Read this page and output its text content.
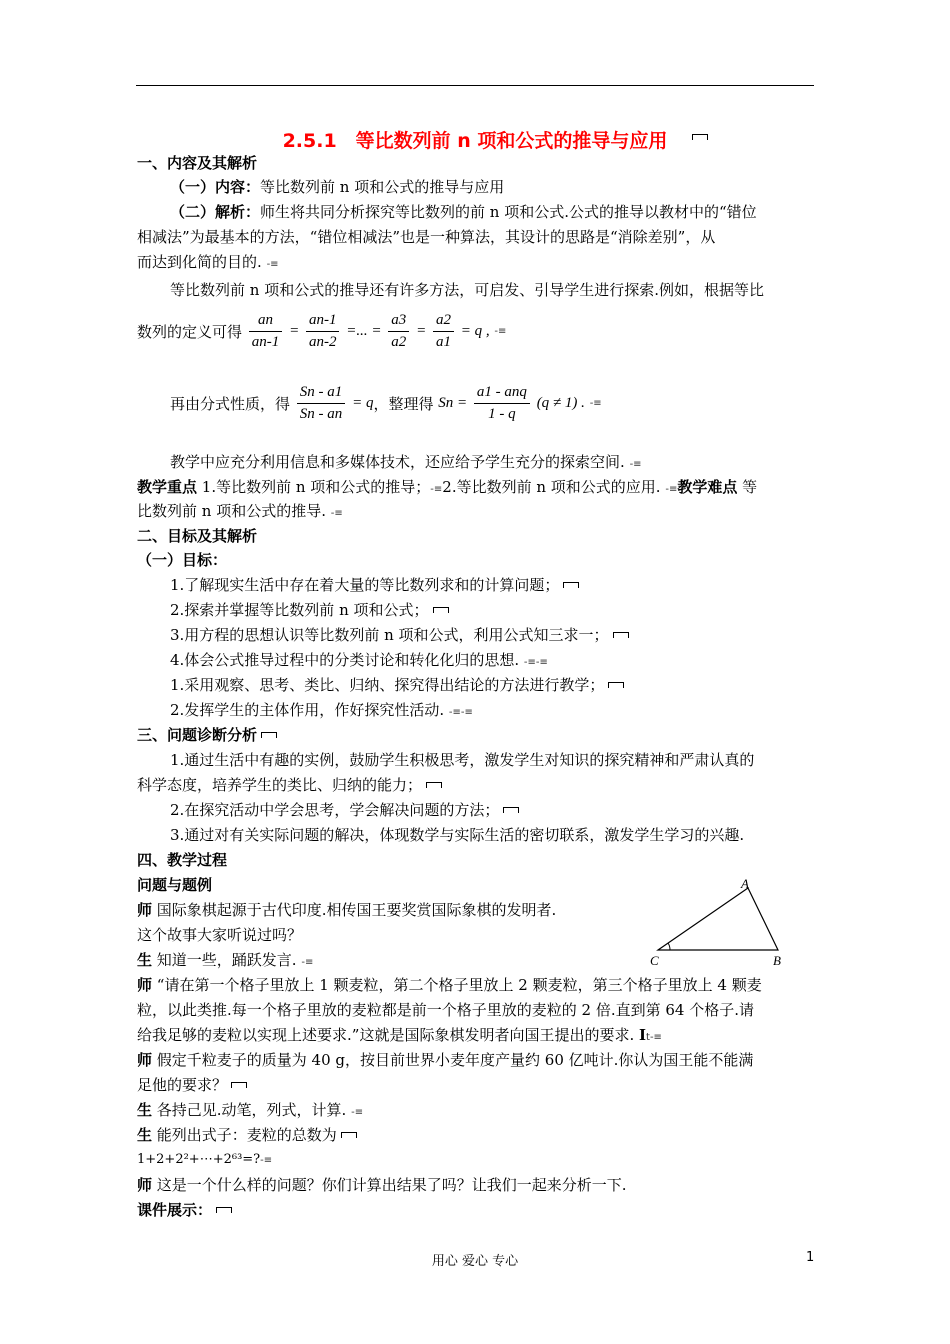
2.5.1　等比数列前 n 项和公式的推导与应用
一、内容及其解析
（一）内容：等比数列前 n 项和公式的推导与应用
（二）解析：师生将共同分析探究等比数列的前 n 项和公式.公式的推导以教材中的“错位
相减法”为最基本的方法，“错位相减法”也是一种算法，其设计的思路是“消除差别”，从
而达到化简的目的. -≡
等比数列前 n 项和公式的推导还有许多方法，可启发、引导学生进行探索.例如，根据等比
数列的定义可得 $\frac{an}{an-1} = \frac{an-1}{an-2}$ =... = $\frac{a3}{a2} = \frac{a2}{a1} = q$ , -≡
再由分式性质，得 $\frac{Sn - a1}{Sn - an} = q$，整理得 $Sn = \frac{\text{a1 - anq}}{1 - q} (q \ne 1)$ . -≡
教学中应充分利用信息和多媒体技术，还应给予学生充分的探索空间. -≡
教学重点 1.等比数列前 n 项和公式的推导；-≡2.等比数列前 n 项和公式的应用. -≡教学难点 等
比数列前 n 项和公式的推导. -≡
二、目标及其解析
（一）目标：
1.了解现实生活中存在着大量的等比数列求和的计算问题；
2.探索并掌握等比数列前 n 项和公式；
3.用方程的思想认识等比数列前 n 项和公式，利用公式知三求一；
4.体会公式推导过程中的分类讨论和转化化归的思想. -≡-≡
1.采用观察、思考、类比、归纳、探究得出结论的方法进行教学；
2.发挥学生的主体作用，作好探究性活动. -≡-≡
三、问题诊断分析
1.通过生活中有趣的实例，鼓励学生积极思考，激发学生对知识的探究精神和严肃认真的
科学态度，培养学生的类比、归纳的能力；
2.在探究活动中学会思考，学会解决问题的方法；
3.通过对有关实际问题的解决，体现数学与实际生活的密切联系，激发学生学习的兴趣.
四、教学过程
问题与题例
师 国际象棋起源于古代印度.相传国王要奖赏国际象棋的发明者.
这个故事大家听说过吗？
生 知道一些，踊跃发言. -≡
师 “请在第一个格子里放上 1 颗麦粒，第二个格子里放上 2 颗麦粒，第三个格子里放上 4 颗麦
粒，以此类推.每一个格子里放的麦粒都是前一个格子里放的麦粒的 2 倍.直到第 64 个格子.请
给我足够的麦粒以实现上述要求.”这就是国际象棋发明者向国王提出的要求. It-≡
师 假定千粒麦子的质量为 40 g，按目前世界小麦年度产量约 60 亿吨计.你认为国王能不能满
足他的要求？
生 各持己见.动笔，列式，计算. -≡
生 能列出式子：麦粒的总数为
1+2+2²+⋯+2⁶³=?-≡
师 这是一个什么样的问题？你们计算出结果了吗？让我们一起来分析一下.
课件展示：
A
B
C
用心 爱心 专心	1
